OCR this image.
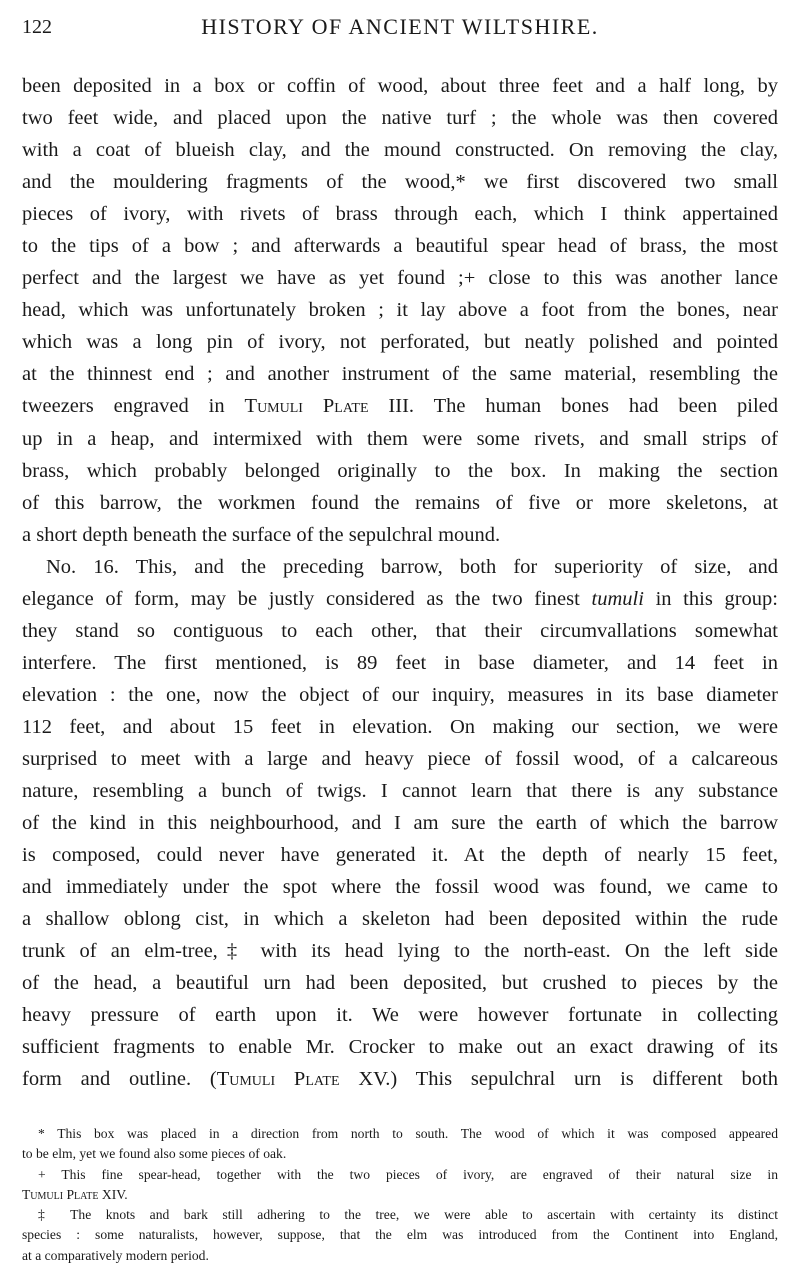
122	HISTORY OF ANCIENT WILTSHIRE.
been deposited in a box or coffin of wood, about three feet and a half long, by
two feet wide, and placed upon the native turf ; the whole was then covered
with a coat of blueish clay, and the mound constructed. On removing the clay,
and the mouldering fragments of the wood,* we first discovered two small
pieces of ivory, with rivets of brass through each, which I think appertained
to the tips of a bow ; and afterwards a beautiful spear head of brass, the most
perfect and the largest we have as yet found ;+ close to this was another lance
head, which was unfortunately broken ; it lay above a foot from the bones, near
which was a long pin of ivory, not perforated, but neatly polished and pointed
at the thinnest end ; and another instrument of the same material, resembling the
tweezers engraved in Tumuli Plate III. The human bones had been piled
up in a heap, and intermixed with them were some rivets, and small strips of
brass, which probably belonged originally to the box. In making the section
of this barrow, the workmen found the remains of five or more skeletons, at
a short depth beneath the surface of the sepulchral mound.
No. 16. This, and the preceding barrow, both for superiority of size, and
elegance of form, may be justly considered as the two finest tumuli in this group:
they stand so contiguous to each other, that their circumvallations somewhat
interfere. The first mentioned, is 89 feet in base diameter, and 14 feet in
elevation : the one, now the object of our inquiry, measures in its base diameter
112 feet, and about 15 feet in elevation. On making our section, we were
surprised to meet with a large and heavy piece of fossil wood, of a calcareous
nature, resembling a bunch of twigs. I cannot learn that there is any substance
of the kind in this neighbourhood, and I am sure the earth of which the barrow
is composed, could never have generated it. At the depth of nearly 15 feet,
and immediately under the spot where the fossil wood was found, we came to
a shallow oblong cist, in which a skeleton had been deposited within the rude
trunk of an elm-tree,‡ with its head lying to the north-east. On the left side
of the head, a beautiful urn had been deposited, but crushed to pieces by the
heavy pressure of earth upon it. We were however fortunate in collecting
sufficient fragments to enable Mr. Crocker to make out an exact drawing of its
form and outline. (Tumuli Plate XV.) This sepulchral urn is different both
* This box was placed in a direction from north to south. The wood of which it was composed appeared
to be elm, yet we found also some pieces of oak.
+ This fine spear-head, together with the two pieces of ivory, are engraved of their natural size in
Tumuli Plate XIV.
‡ The knots and bark still adhering to the tree, we were able to ascertain with certainty its distinct
species : some naturalists, however, suppose, that the elm was introduced from the Continent into England,
at a comparatively modern period.
